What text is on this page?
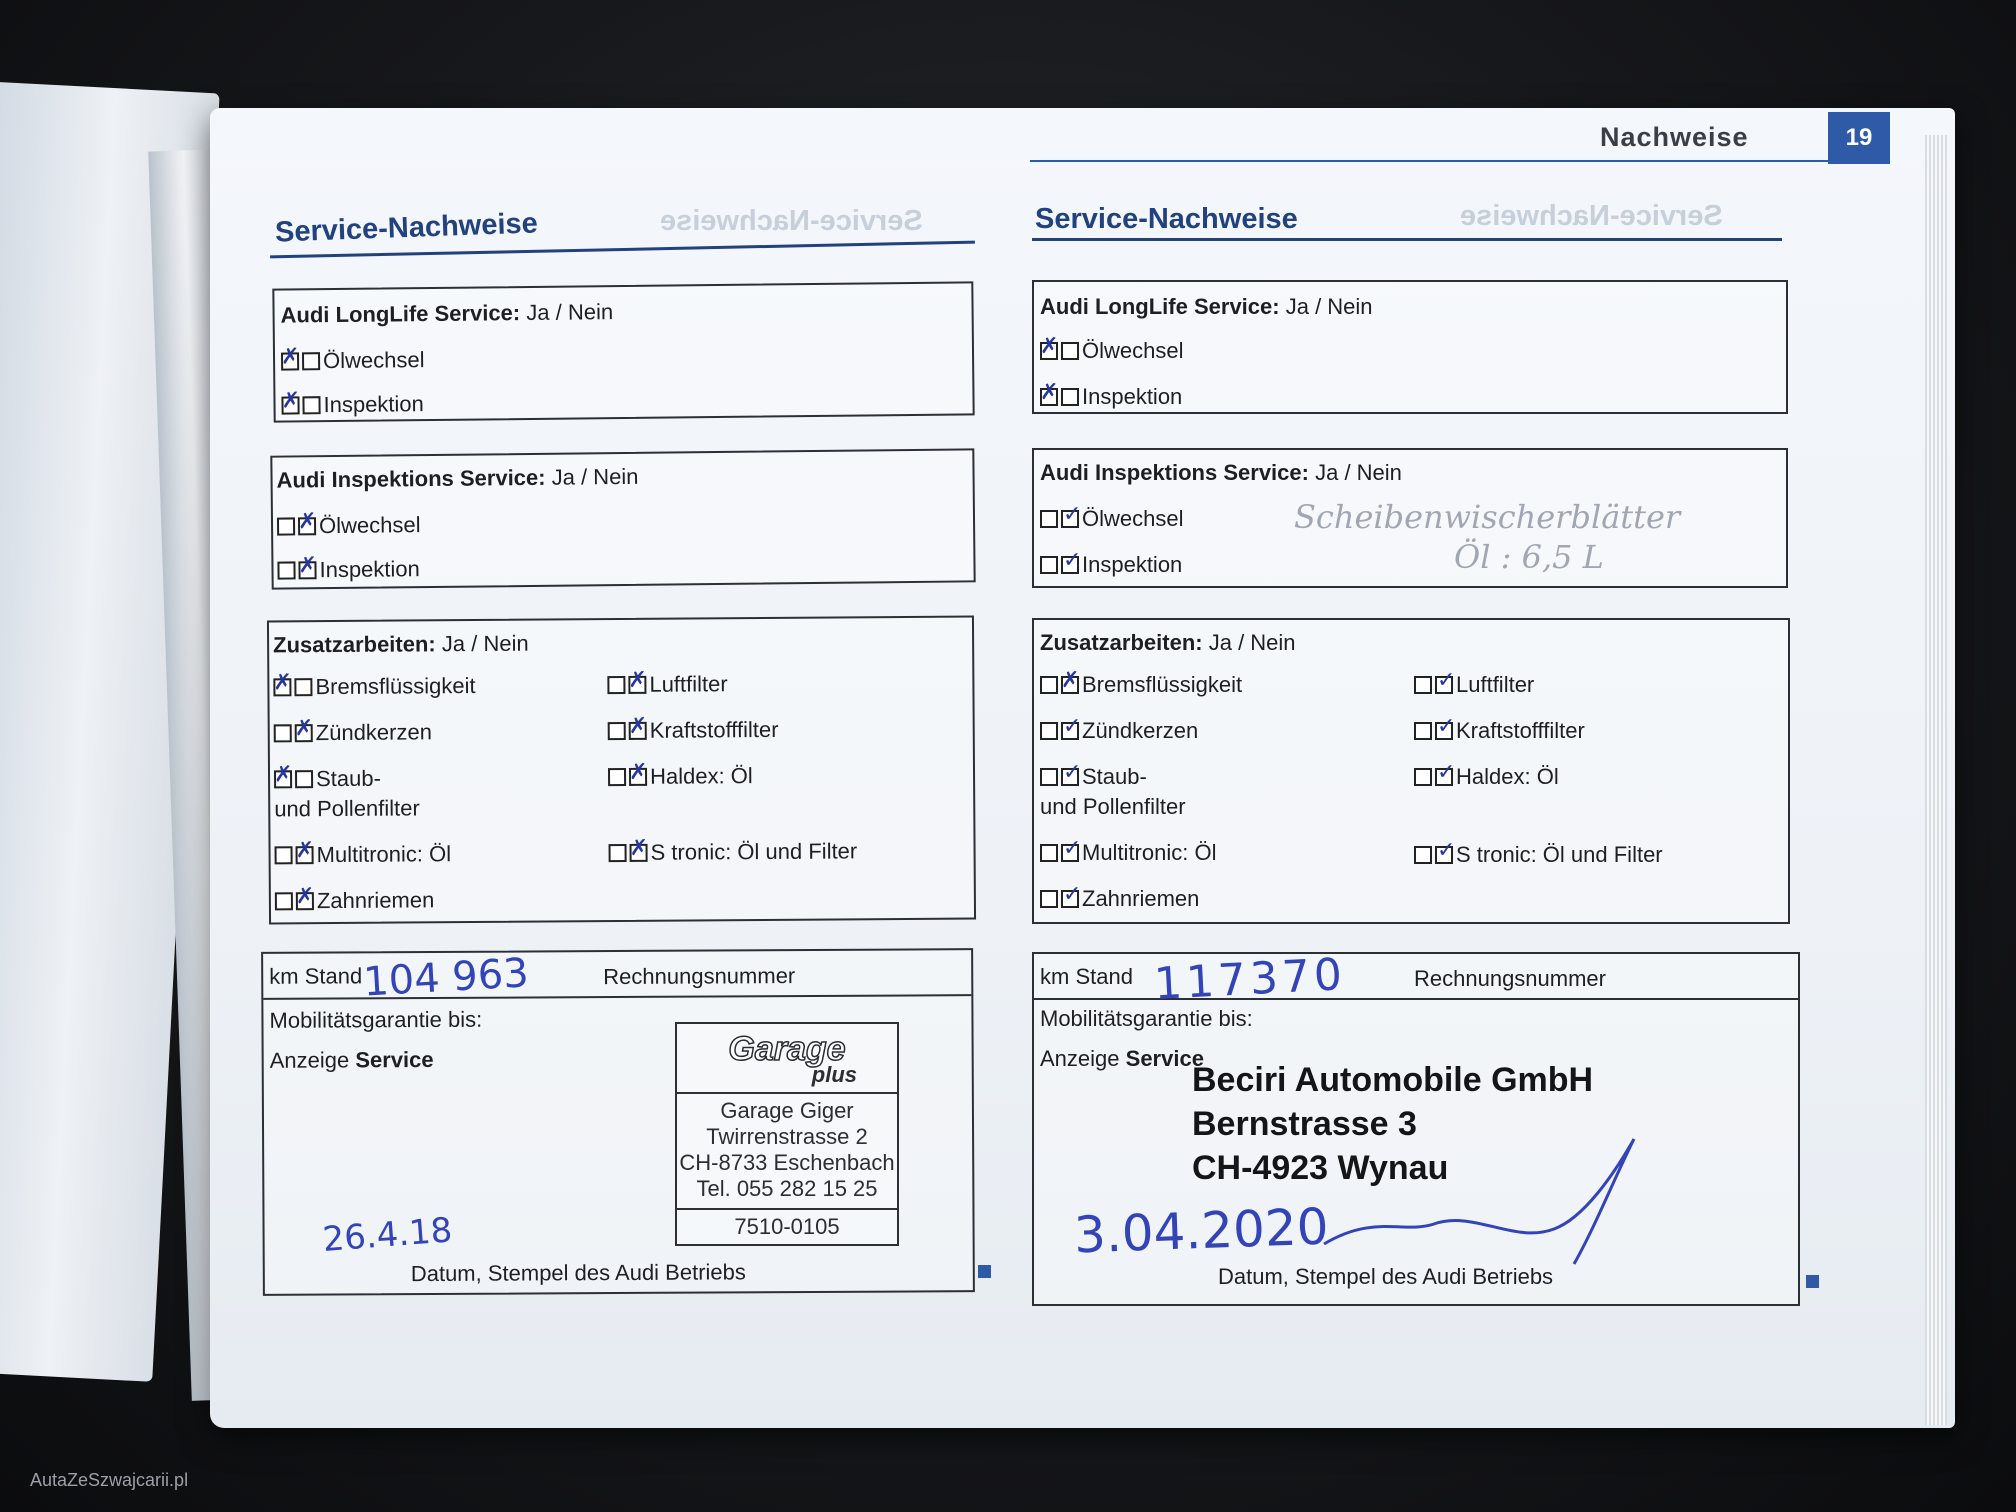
Nachweise	19
Service-Nachweise	Service-Nachweise
Audi LongLife Service: Ja / Nein
✗Ölwechsel
✗Inspektion
Audi Inspektions Service: Ja / Nein
✗Ölwechsel
✗Inspektion
Zusatzarbeiten: Ja / Nein
✗Bremsflüssigkeit
✗Zündkerzen
✗Staub-
und Pollenfilter
✗Multitronic: Öl
✗Zahnriemen
✗Luftfilter
✗Kraftstofffilter
✗Haldex: Öl
✗S tronic: Öl und Filter
km Stand 104 963	Rechnungsnummer
Mobilitätsgarantie bis:
Anzeige Service
26.4.18
Datum, Stempel des Audi Betriebs
Garage
plus
Garage Giger
Twirrenstrasse 2
CH-8733 Eschenbach
Tel. 055 282 15 25
7510-0105
Service-Nachweise	Service-Nachweise
Audi LongLife Service: Ja / Nein
✗Ölwechsel
✗Inspektion
Audi Inspektions Service: Ja / Nein
✓Ölwechsel
✓Inspektion
Scheibenwischerblätter
Öl : 6,5 L
Zusatzarbeiten: Ja / Nein
✗Bremsflüssigkeit
✓Zündkerzen
✓Staub-
und Pollenfilter
✓Multitronic: Öl
✓Zahnriemen
✓Luftfilter
✓Kraftstofffilter
✓Haldex: Öl
✓S tronic: Öl und Filter
km Stand 117370	Rechnungsnummer
Mobilitätsgarantie bis:
Anzeige Service
Beciri Automobile GmbH
Bernstrasse 3
CH-4923 Wynau
3.04.2020
Datum, Stempel des Audi Betriebs
AutaZeSzwajcarii.pl
